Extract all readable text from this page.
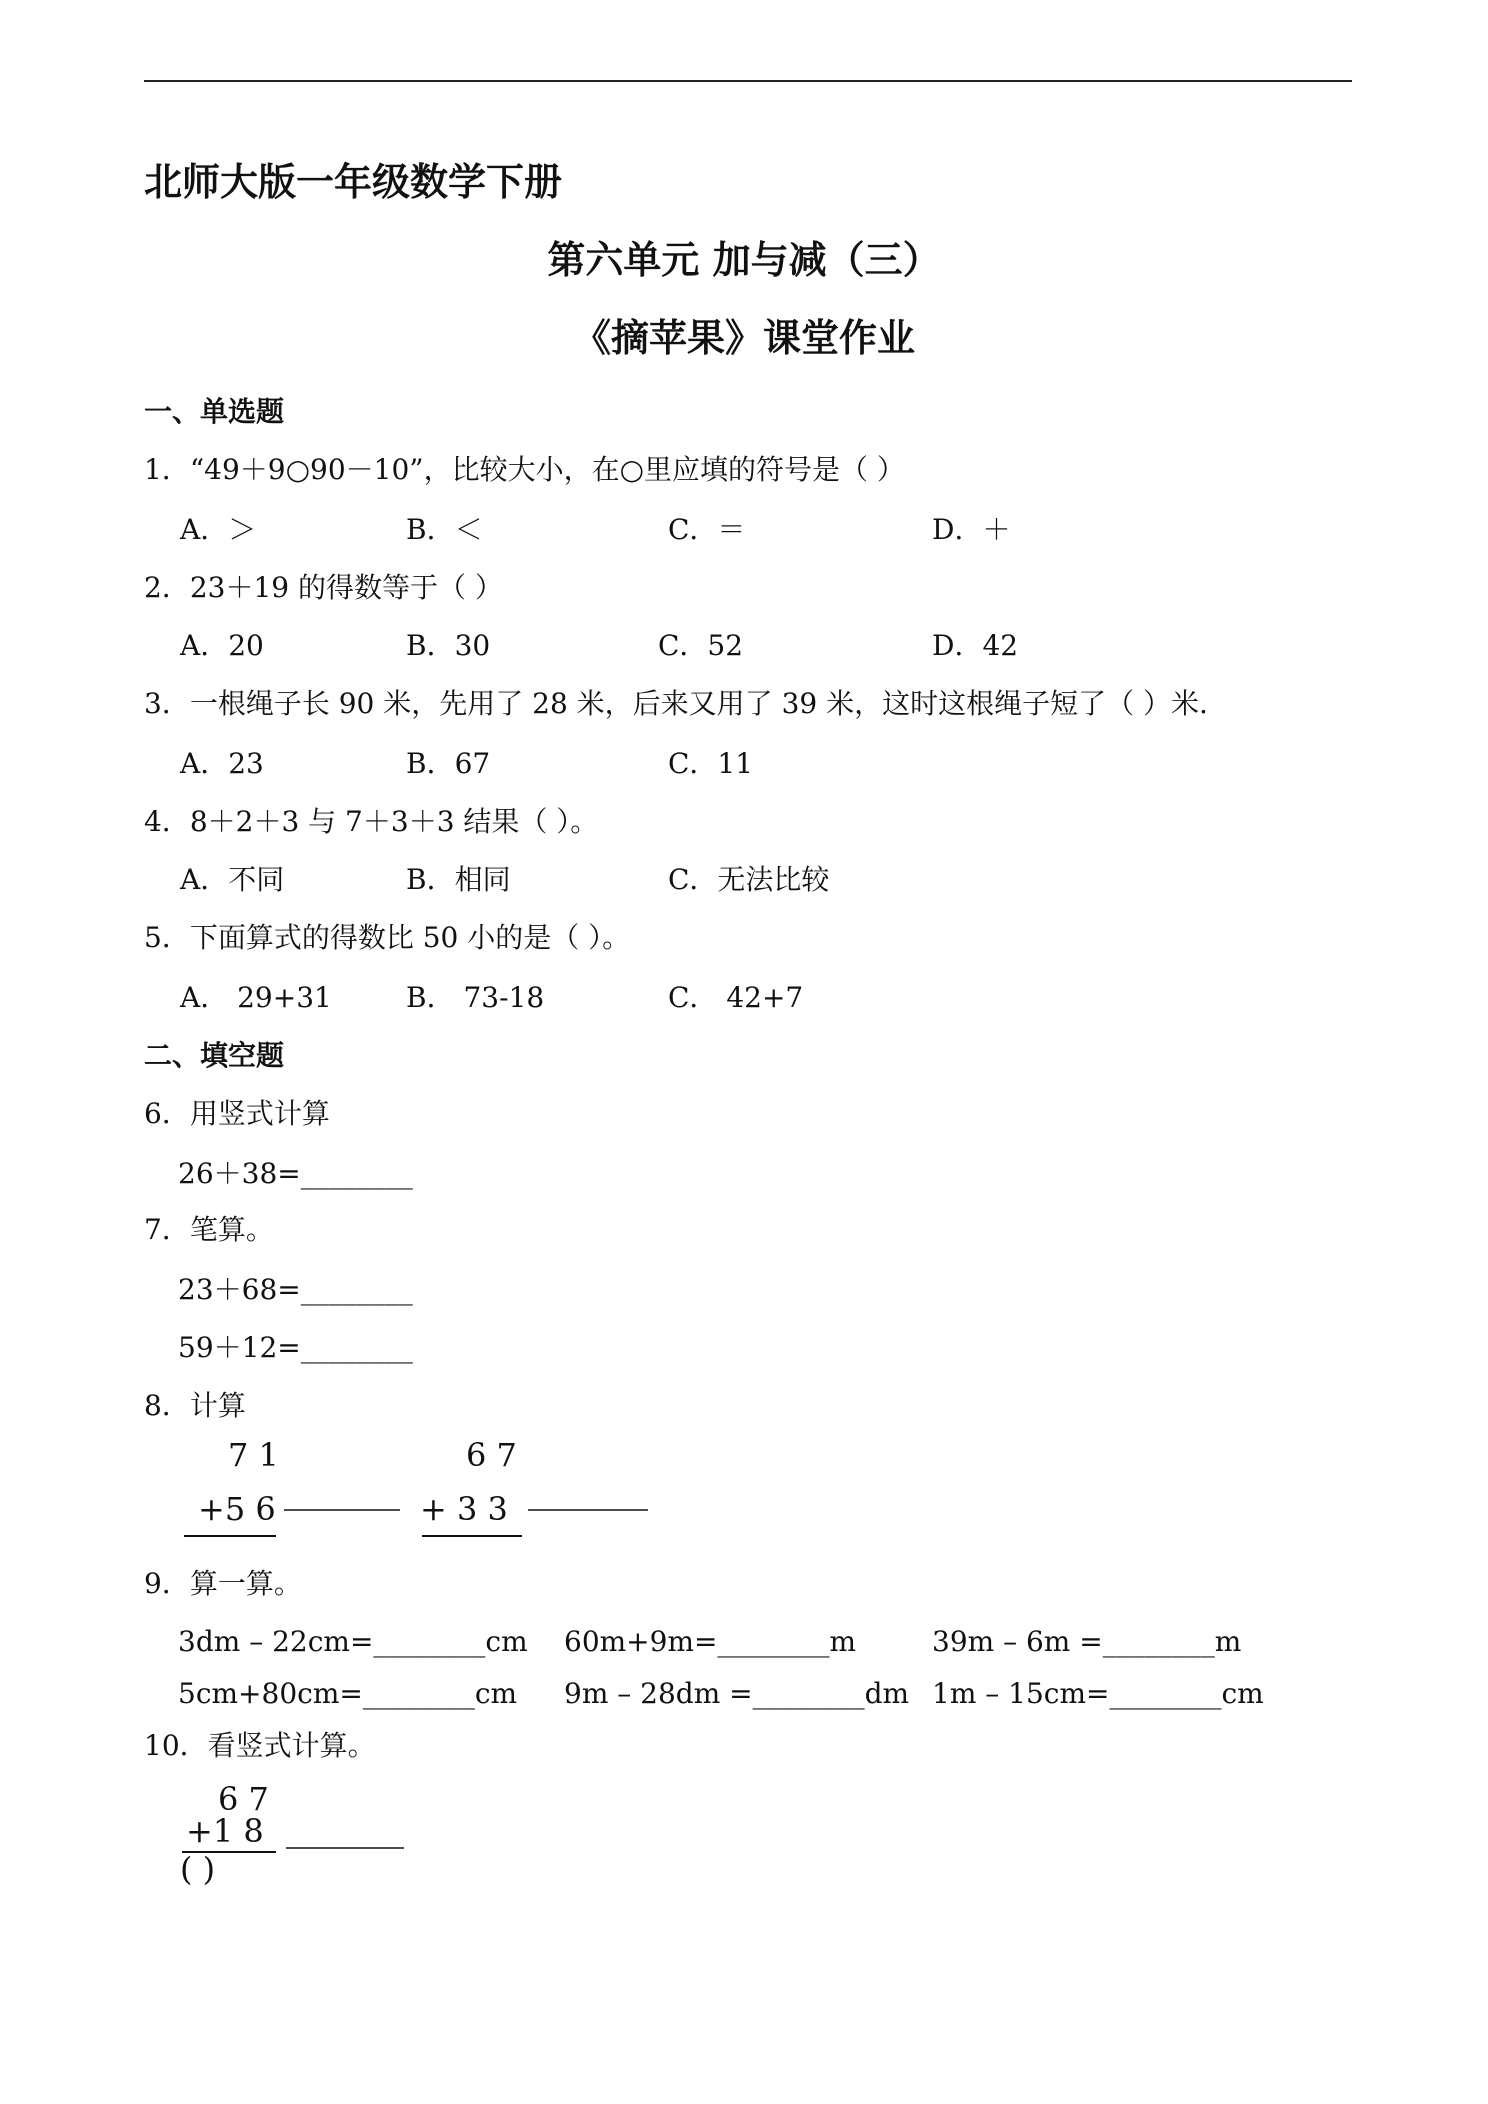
北师大版一年级数学下册
第六单元 加与减（三）
《摘苹果》课堂作业
一、单选题
1．“49＋9○90－10”，比较大小，在○里应填的符号是（ ）
A．＞	B．＜	C．＝	D．＋
2．23＋19 的得数等于（ ）
A．20	B．30	C．52	D．42
3．一根绳子长 90 米，先用了 28 米，后来又用了 39 米，这时这根绳子短了（ ）米.
A．23	B．67	C．11
4．8＋2＋3 与 7＋3＋3 结果（ ）。
A．不同	B．相同	C．无法比较
5．下面算式的得数比 50 小的是（ ）。
A． 29+31	B． 73-18	C． 42+7
二、填空题
6．用竖式计算
26＋38=________
7．笔算。
23＋68=________
59＋12=________
8．计算
7 1
+5 6
6 7
+ 3 3
9．算一算。
3dm – 22cm=________cm 60m+9m=________m	39m – 6m =________m
5cm+80cm=________cm 9m – 28dm =________dm 1m – 15cm=________cm
10．看竖式计算。
6 7
+1 8
( )
